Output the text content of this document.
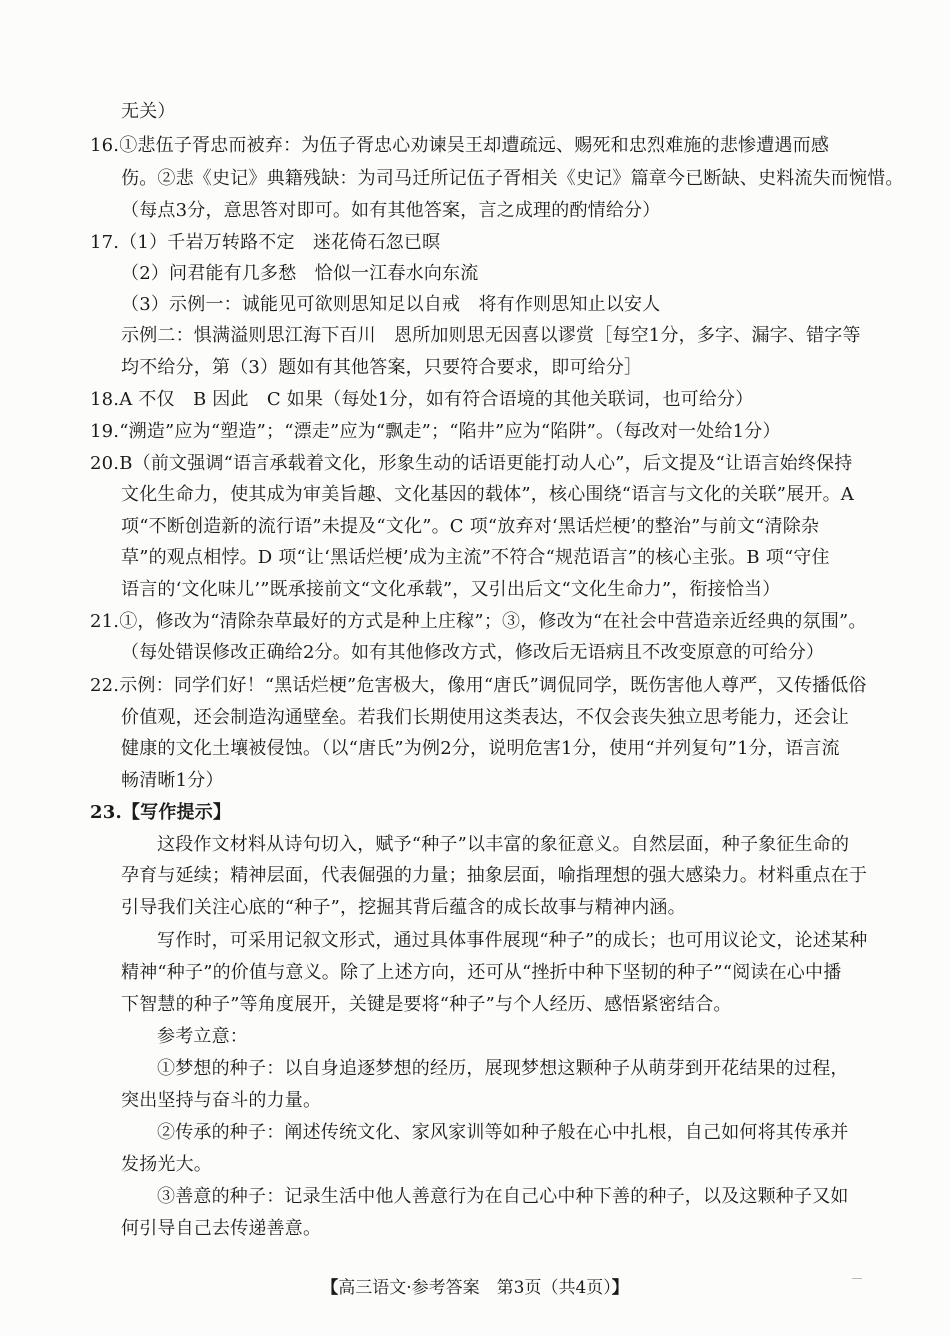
无关）
16.①悲伍子胥忠而被弃：为伍子胥忠心劝谏吴王却遭疏远、赐死和忠烈难施的悲惨遭遇而感
伤。②悲《史记》典籍残缺：为司马迁所记伍子胥相关《史记》篇章今已断缺、史料流失而惋惜。
（每点3分，意思答对即可。如有其他答案，言之成理的酌情给分）
17.（1）千岩万转路不定　迷花倚石忽已暝
（2）问君能有几多愁　恰似一江春水向东流
（3）示例一：诚能见可欲则思知足以自戒　将有作则思知止以安人
示例二：惧满溢则思江海下百川　恩所加则思无因喜以谬赏［每空1分，多字、漏字、错字等
均不给分，第（3）题如有其他答案，只要符合要求，即可给分］
18.A 不仅　B 因此　C 如果（每处1分，如有符合语境的其他关联词，也可给分）
19.“溯造”应为“塑造”；“漂走”应为“飘走”；“陷井”应为“陷阱”。（每改对一处给1分）
20.B（前文强调“语言承载着文化，形象生动的话语更能打动人心”，后文提及“让语言始终保持
文化生命力，使其成为审美旨趣、文化基因的载体”，核心围绕“语言与文化的关联”展开。A
项“不断创造新的流行语”未提及“文化”。C 项“放弃对‘黑话烂梗’的整治”与前文“清除杂
草”的观点相悖。D 项“让‘黑话烂梗’成为主流”不符合“规范语言”的核心主张。B 项“守住
语言的‘文化味儿’”既承接前文“文化承载”，又引出后文“文化生命力”，衔接恰当）
21.①，修改为“清除杂草最好的方式是种上庄稼”；③，修改为“在社会中营造亲近经典的氛围”。
（每处错误修改正确给2分。如有其他修改方式，修改后无语病且不改变原意的可给分）
22.示例：同学们好！“黑话烂梗”危害极大，像用“唐氏”调侃同学，既伤害他人尊严，又传播低俗
价值观，还会制造沟通壁垒。若我们长期使用这类表达，不仅会丧失独立思考能力，还会让
健康的文化土壤被侵蚀。（以“唐氏”为例2分，说明危害1分，使用“并列复句”1分，语言流
畅清晰1分）
23.【写作提示】
这段作文材料从诗句切入，赋予“种子”以丰富的象征意义。自然层面，种子象征生命的
孕育与延续；精神层面，代表倔强的力量；抽象层面，喻指理想的强大感染力。材料重点在于
引导我们关注心底的“种子”，挖掘其背后蕴含的成长故事与精神内涵。
写作时，可采用记叙文形式，通过具体事件展现“种子”的成长；也可用议论文，论述某种
精神“种子”的价值与意义。除了上述方向，还可从“挫折中种下坚韧的种子”“阅读在心中播
下智慧的种子”等角度展开，关键是要将“种子”与个人经历、感悟紧密结合。
参考立意：
①梦想的种子：以自身追逐梦想的经历，展现梦想这颗种子从萌芽到开花结果的过程，
突出坚持与奋斗的力量。
②传承的种子：阐述传统文化、家风家训等如种子般在心中扎根，自己如何将其传承并
发扬光大。
③善意的种子：记录生活中他人善意行为在自己心中种下善的种子，以及这颗种子又如
何引导自己去传递善意。
【高三语文·参考答案　第3页（共4页）】
